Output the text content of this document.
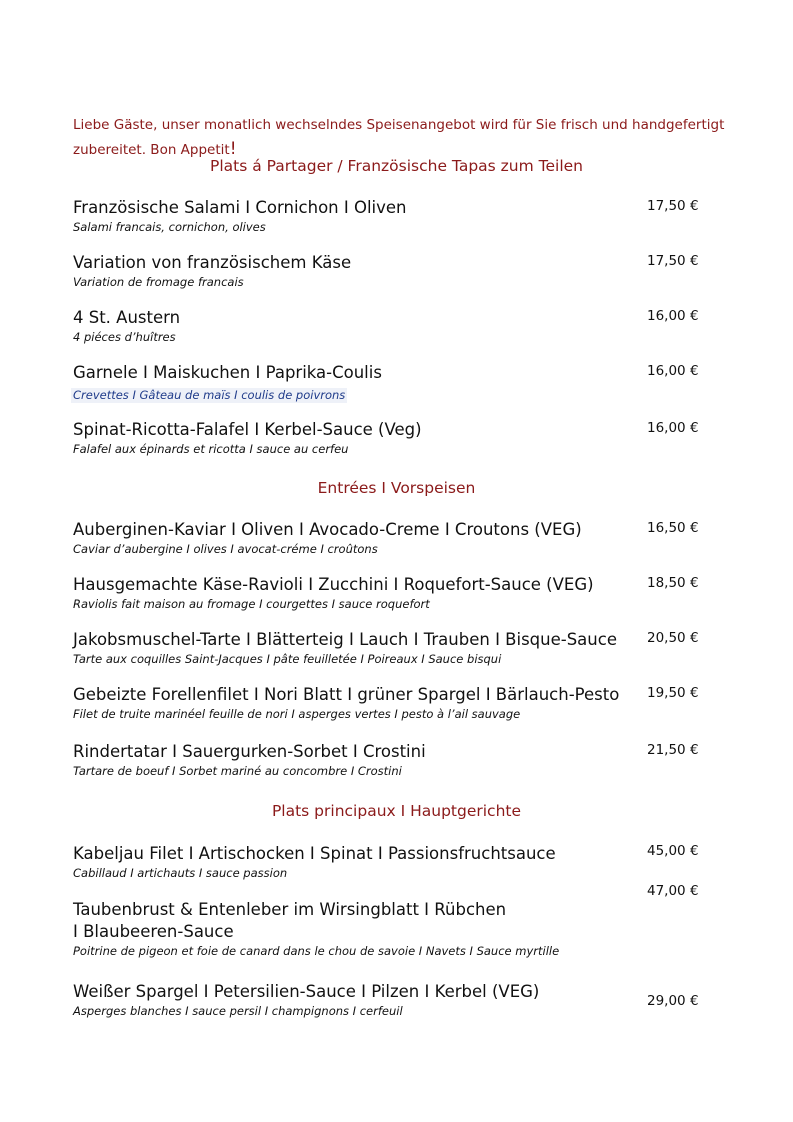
Liebe Gäste, unser monatlich wechselndes Speisenangebot wird für Sie frisch und handgefertigt zubereitet. Bon Appetit!
Plats á Partager / Französische Tapas zum Teilen
Französische Salami I Cornichon I Oliven
Salami francais, cornichon, olives
17,50 €
Variation von französischem Käse
Variation de fromage francais
17,50 €
4 St. Austern
4 piéces d’huîtres
16,00 €
Garnele I Maiskuchen I Paprika-Coulis
Crevettes I Gâteau de maïs I coulis de poivrons
16,00 €
Spinat-Ricotta-Falafel I Kerbel-Sauce (Veg)
Falafel aux épinards et ricotta I sauce au cerfeu
16,00 €
Entrées I Vorspeisen
Auberginen-Kaviar I Oliven I Avocado-Creme I Croutons (VEG)
Caviar d’aubergine I olives I avocat-créme I croûtons
16,50 €
Hausgemachte Käse-Ravioli I Zucchini I Roquefort-Sauce (VEG)
Raviolis fait maison au fromage I courgettes I sauce roquefort
18,50 €
Jakobsmuschel-Tarte I Blätterteig I Lauch I Trauben I Bisque-Sauce
Tarte aux coquilles Saint-Jacques I pâte feuilletée I Poireaux I Sauce bisqui
20,50 €
Gebeizte Forellenfilet I Nori Blatt I grüner Spargel I Bärlauch-Pesto
Filet de truite marinéel feuille de nori I asperges vertes I pesto à l’ail sauvage
19,50 €
Rindertatar I Sauergurken-Sorbet I Crostini
Tartare de boeuf I Sorbet mariné au concombre I Crostini
21,50 €
Plats principaux I Hauptgerichte
Kabeljau Filet I Artischocken I Spinat I Passionsfruchtsauce
Cabillaud I artichauts I sauce passion
45,00 €
Taubenbrust & Entenleber im Wirsingblatt I Rübchen I Blaubeeren-Sauce
Poitrine de pigeon et foie de canard dans le chou de savoie I Navets I Sauce myrtille
47,00 €
Weißer Spargel I Petersilien-Sauce I Pilzen I Kerbel (VEG)
Asperges blanches I sauce persil I champignons I cerfeuil
29,00 €
